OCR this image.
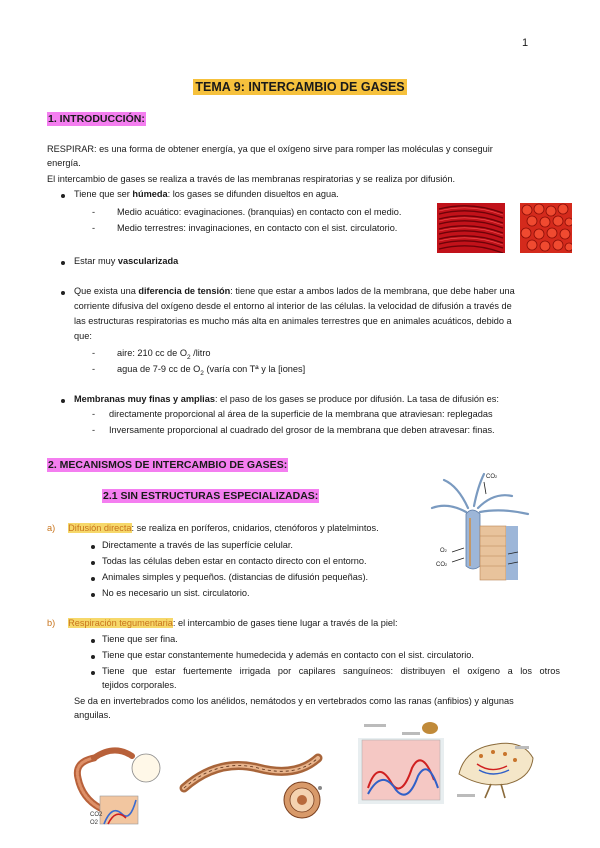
1
TEMA 9: INTERCAMBIO DE GASES
1. INTRODUCCIÓN:
RESPIRAR: es una forma de obtener energía, ya que el oxígeno sirve para romper las moléculas y conseguir
energía.
El intercambio de gases se realiza a través de las membranas respiratorias y se realiza por difusión.
Tiene que ser húmeda: los gases se difunden disueltos en agua.
- Medio acuático: evaginaciones. (branquias) en contacto con el medio.
- Medio terrestres: invaginaciones, en contacto con el sist. circulatorio.
Estar muy vascularizada
Que exista una diferencia de tensión: tiene que estar a ambos lados de la membrana, que debe haber una
corriente difusiva del oxígeno desde el entorno al interior de las células. la velocidad de difusión a través de
las estructuras respiratorias es mucho más alta en animales terrestres que en animales acuáticos, debido a
que:
- aire: 210 cc de $O_2$ /litro
- agua de 7-9 cc de $O_2$ (varía con Tª y la [iones]
Membranas muy finas y amplias: el paso de los gases se produce por difusión. La tasa de difusión es:
- directamente proporcional al área de la superficie de la membrana que atraviesan: replegadas
- Inversamente proporcional al cuadrado del grosor de la membrana que deben atravesar: finas.
2. MECANISMOS DE INTERCAMBIO DE GASES:
2.1 SIN ESTRUCTURAS ESPECIALIZADAS:
CO2
O2
CO2
a) Difusión directa: se realiza en poríferos, cnidarios, ctenóforos y platelmintos.
Directamente a través de las superfície celular.
Todas las células deben estar en contacto directo con el entorno.
Animales simples y pequeños. (distancias de difusión pequeñas).
No es necesario un sist. circulatorio.
b) Respiración tegumentaria: el intercambio de gases tiene lugar a través de la piel:
Tiene que ser fina.
Tiene que estar constantemente humedecida y además en contacto con el sist. circulatorio.
Tiene que estar fuertemente irrigada por capilares sanguíneos: distribuyen el oxígeno a los otros
tejidos corporales.
Se da en invertebrados como los anélidos, nemátodos y en vertebrados como las ranas (anfibios) y algunas
anguilas.
CO2
O2
